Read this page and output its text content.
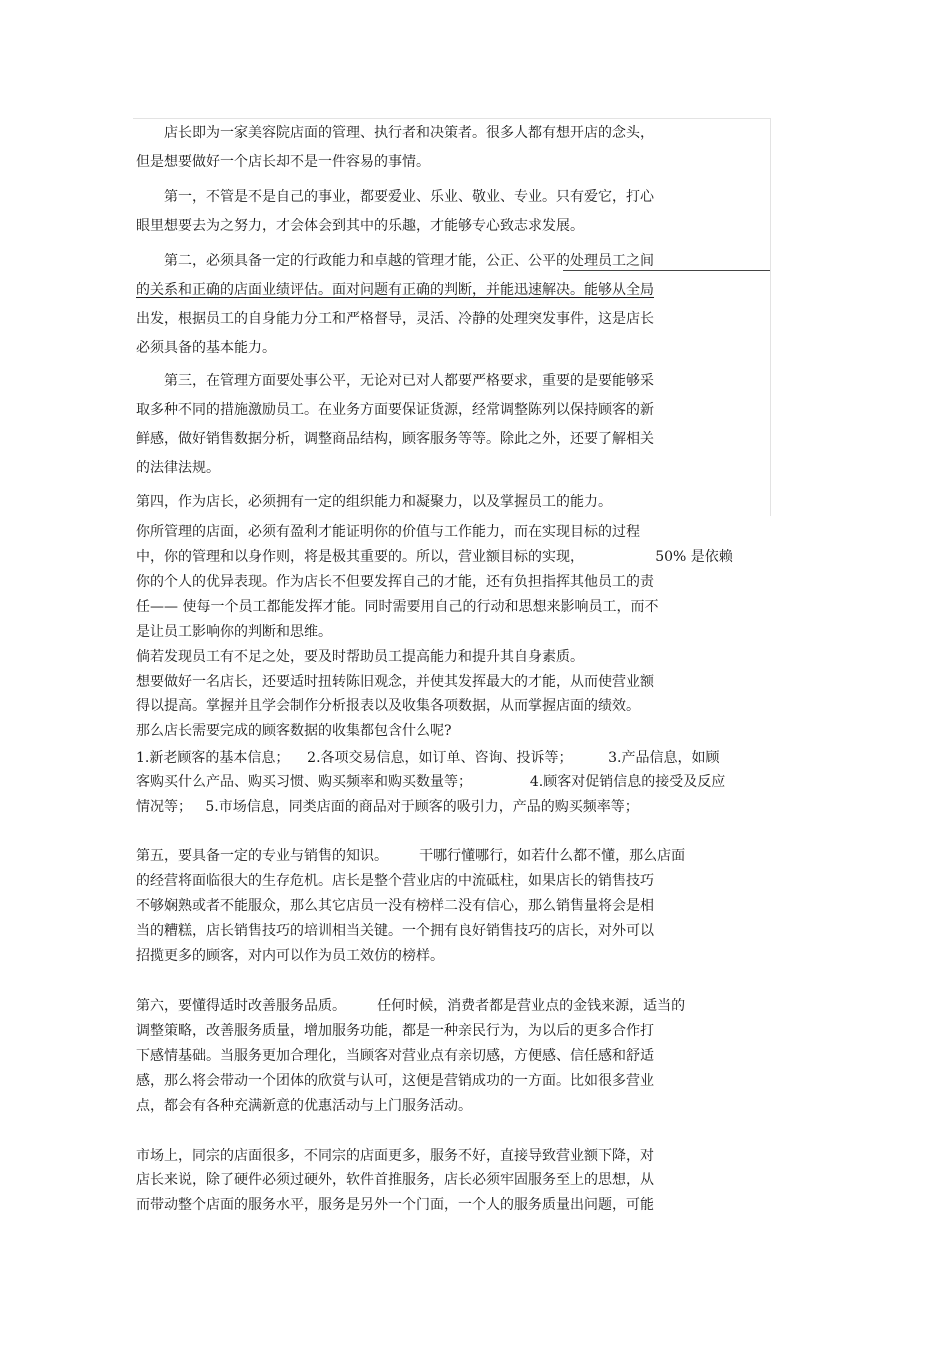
　　店长即为一家美容院店面的管理、执行者和决策者。很多人都有想开店的念头，
但是想要做好一个店长却不是一件容易的事情。
　　第一，不管是不是自己的事业，都要爱业、乐业、敬业、专业。只有爱它，打心
眼里想要去为之努力，才会体会到其中的乐趣，才能够专心致志求发展。
　　第二，必须具备一定的行政能力和卓越的管理才能，公正、公平的处理员工之间
的关系和正确的店面业绩评估。面对问题有正确的判断，并能迅速解决。能够从全局
出发，根据员工的自身能力分工和严格督导，灵活、冷静的处理突发事件，这是店长
必须具备的基本能力。
　　第三，在管理方面要处事公平，无论对已对人都要严格要求，重要的是要能够采
取多种不同的措施激励员工。在业务方面要保证货源，经常调整陈列以保持顾客的新
鲜感，做好销售数据分析，调整商品结构，顾客服务等等。除此之外，还要了解相关
的法律法规。
第四，作为店长，必须拥有一定的组织能力和凝聚力，以及掌握员工的能力。
你所管理的店面，必须有盈利才能证明你的价值与工作能力，而在实现目标的过程
中，你的管理和以身作则，将是极其重要的。所以，营业额目标的实现，                50% 是依赖
你的个人的优异表现。作为店长不但要发挥自己的才能，还有负担指挥其他员工的责
任—— 使每一个员工都能发挥才能。同时需要用自己的行动和思想来影响员工，而不
是让员工影响你的判断和思维。
倘若发现员工有不足之处，要及时帮助员工提高能力和提升其自身素质。
想要做好一名店长，还要适时扭转陈旧观念，并使其发挥最大的才能，从而使营业额
得以提高。掌握并且学会制作分析报表以及收集各项数据，从而掌握店面的绩效。
那么店长需要完成的顾客数据的收集都包含什么呢?
1.新老顾客的基本信息；    2.各项交易信息，如订单、咨询、投诉等；        3.产品信息，如顾
客购买什么产品、购买习惯、购买频率和购买数量等；             4.顾客对促销信息的接受及反应
情况等；   5.市场信息，同类店面的商品对于顾客的吸引力，产品的购买频率等；
第五，要具备一定的专业与销售的知识。       干哪行懂哪行，如若什么都不懂，那么店面
的经营将面临很大的生存危机。店长是整个营业店的中流砥柱，如果店长的销售技巧
不够娴熟或者不能服众，那么其它店员一没有榜样二没有信心，那么销售量将会是相
当的糟糕，店长销售技巧的培训相当关键。一个拥有良好销售技巧的店长，对外可以
招揽更多的顾客，对内可以作为员工效仿的榜样。
第六，要懂得适时改善服务品质。       任何时候，消费者都是营业点的金钱来源，适当的
调整策略，改善服务质量，增加服务功能，都是一种亲民行为，为以后的更多合作打
下感情基础。当服务更加合理化，当顾客对营业点有亲切感，方便感、信任感和舒适
感，那么将会带动一个团体的欣赏与认可，这便是营销成功的一方面。比如很多营业
点，都会有各种充满新意的优惠活动与上门服务活动。
市场上，同宗的店面很多，不同宗的店面更多，服务不好，直接导致营业额下降，对
店长来说，除了硬件必须过硬外，软件首推服务，店长必须牢固服务至上的思想，从
而带动整个店面的服务水平，服务是另外一个门面，一个人的服务质量出问题，可能
